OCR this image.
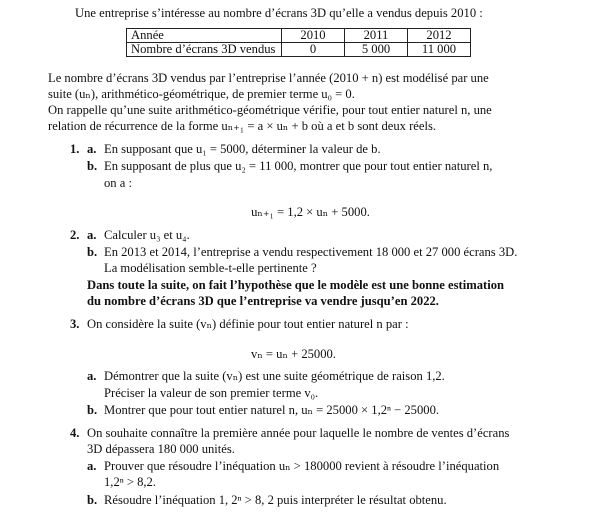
Une entreprise s’intéresse au nombre d’écrans 3D qu’elle a vendus depuis 2010 :
Année	2010	2011	2012
Nombre d’écrans 3D vendus	0	5 000	11 000
Le nombre d’écrans 3D vendus par l’entreprise l’année (2010 + n) est modélisé par une
suite (uₙ), arithmético-géométrique, de premier terme u₀ = 0.
On rappelle qu’une suite arithmético-géométrique vérifie, pour tout entier naturel n, une
relation de récurrence de la forme uₙ₊₁ = a × uₙ + b où a et b sont deux réels.
1. a. En supposant que u₁ = 5000, déterminer la valeur de b.
b. En supposant de plus que u₂ = 11 000, montrer que pour tout entier naturel n,
on a :
uₙ₊₁ = 1,2 × uₙ + 5000.
2. a. Calculer u₃ et u₄.
b. En 2013 et 2014, l’entreprise a vendu respectivement 18 000 et 27 000 écrans 3D.
La modélisation semble-t-elle pertinente ?
Dans toute la suite, on fait l’hypothèse que le modèle est une bonne estimation
du nombre d’écrans 3D que l’entreprise va vendre jusqu’en 2022.
3. On considère la suite (vₙ) définie pour tout entier naturel n par :
vₙ = uₙ + 25000.
a. Démontrer que la suite (vₙ) est une suite géométrique de raison 1,2.
Préciser la valeur de son premier terme v₀.
b. Montrer que pour tout entier naturel n, uₙ = 25000 × 1,2ⁿ − 25000.
4. On souhaite connaître la première année pour laquelle le nombre de ventes d’écrans
3D dépassera 180 000 unités.
a. Prouver que résoudre l’inéquation uₙ > 180000 revient à résoudre l’inéquation
1,2ⁿ > 8,2.
b. Résoudre l’inéquation 1, 2ⁿ > 8, 2 puis interpréter le résultat obtenu.
